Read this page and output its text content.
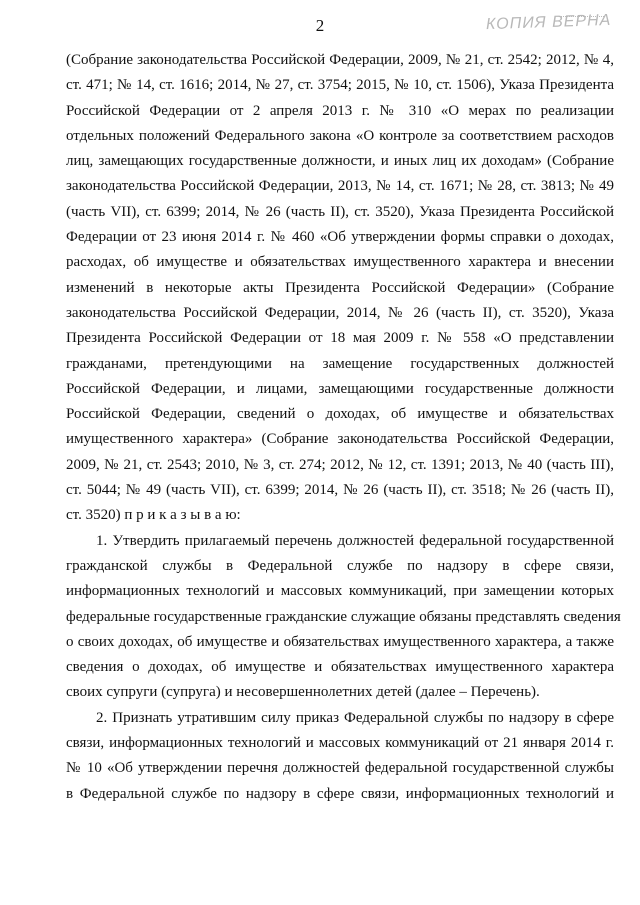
2	КОПИЯ ВЕРНА
(Собрание законодательства Российской Федерации, 2009, № 21, ст. 2542; 2012, № 4,
ст. 471; № 14, ст. 1616; 2014, № 27, ст. 3754; 2015, № 10, ст. 1506), Указа Президента
Российской Федерации от 2 апреля 2013 г. № 310 «О мерах по реализации
отдельных положений Федерального закона «О контроле за соответствием расходов
лиц, замещающих государственные должности, и иных лиц их доходам» (Собрание
законодательства Российской Федерации, 2013, № 14, ст. 1671; № 28, ст. 3813; № 49
(часть VII), ст. 6399; 2014, № 26 (часть II), ст. 3520), Указа Президента Российской
Федерации от 23 июня 2014 г. № 460 «Об утверждении формы справки о доходах,
расходах, об имуществе и обязательствах имущественного характера и внесении
изменений в некоторые акты Президента Российской Федерации» (Собрание
законодательства Российской Федерации, 2014, № 26 (часть II), ст. 3520), Указа
Президента Российской Федерации от 18 мая 2009 г. № 558 «О представлении
гражданами, претендующими на замещение государственных должностей
Российской Федерации, и лицами, замещающими государственные должности
Российской Федерации, сведений о доходах, об имуществе и обязательствах
имущественного характера» (Собрание законодательства Российской Федерации,
2009, № 21, ст. 2543; 2010, № 3, ст. 274; 2012, № 12, ст. 1391; 2013, № 40 (часть III),
ст. 5044; № 49 (часть VII), ст. 6399; 2014, № 26 (часть II), ст. 3518; № 26 (часть II),
ст. 3520) п р и к а з ы в а ю:
1. Утвердить прилагаемый перечень должностей федеральной государственной
гражданской службы в Федеральной службе по надзору в сфере связи,
информационных технологий и массовых коммуникаций, при замещении которых
федеральные государственные гражданские служащие обязаны представлять сведения
о своих доходах, об имуществе и обязательствах имущественного характера, а также
сведения о доходах, об имуществе и обязательствах имущественного характера
своих супруги (супруга) и несовершеннолетних детей (далее – Перечень).
2. Признать утратившим силу приказ Федеральной службы по надзору в сфере
связи, информационных технологий и массовых коммуникаций от 21 января 2014 г.
№ 10 «Об утверждении перечня должностей федеральной государственной службы
в Федеральной службе по надзору в сфере связи, информационных технологий и
